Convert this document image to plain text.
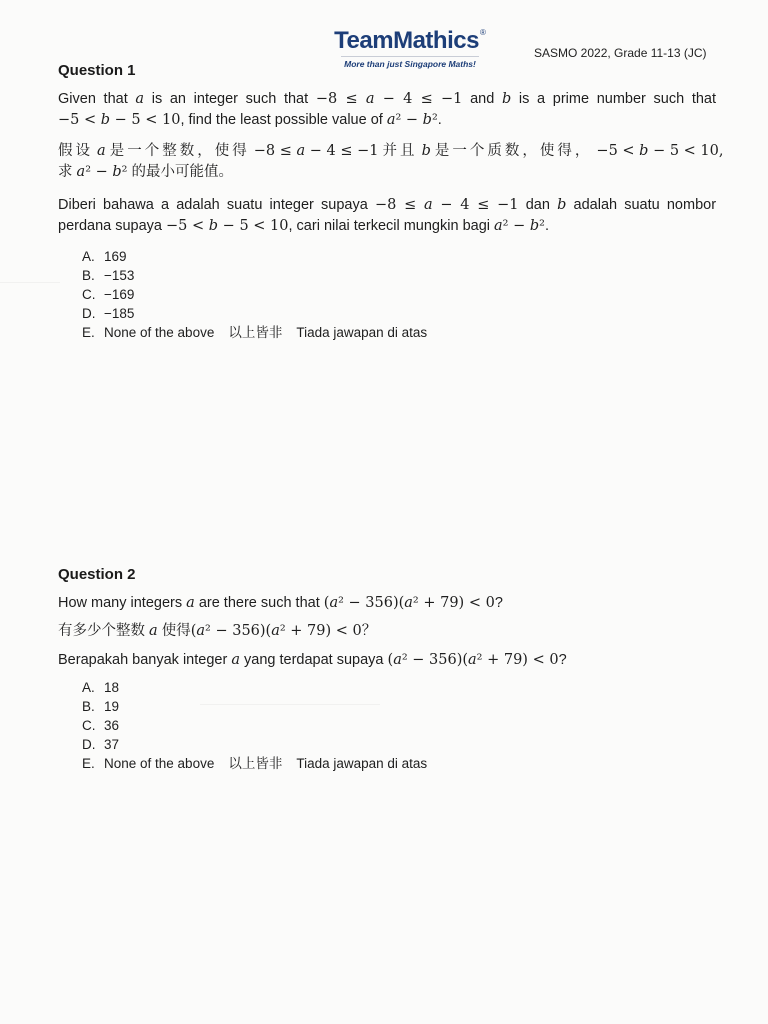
TeamMathics®
More than just Singapore Maths!
SASMO 2022, Grade 11-13 (JC)
Question 1
Given that a is an integer such that −8 ≤ a − 4 ≤ −1 and b is a prime number such that
−5 < b − 5 < 10, find the least possible value of a² − b².
假设 a 是一个整数，使得 −8 ≤ a − 4 ≤ −1 并且 b 是一个质数，使得， −5 < b − 5 < 10,
求 a² − b² 的最小可能值。
Diberi bahawa a adalah suatu integer supaya −8 ≤ a − 4 ≤ −1 dan b adalah suatu nombor
perdana supaya −5 < b − 5 < 10, cari nilai terkecil mungkin bagi a² − b².
A. 169
B. −153
C. −169
D. −185
E. None of the above 以上皆非 Tiada jawapan di atas
Question 2
How many integers a are there such that (a² − 356)(a² + 79) < 0?
有多少个整数 a 使得(a² − 356)(a² + 79) < 0？
Berapakah banyak integer a yang terdapat supaya (a² − 356)(a² + 79) < 0?
A. 18
B. 19
C. 36
D. 37
E. None of the above 以上皆非 Tiada jawapan di atas
